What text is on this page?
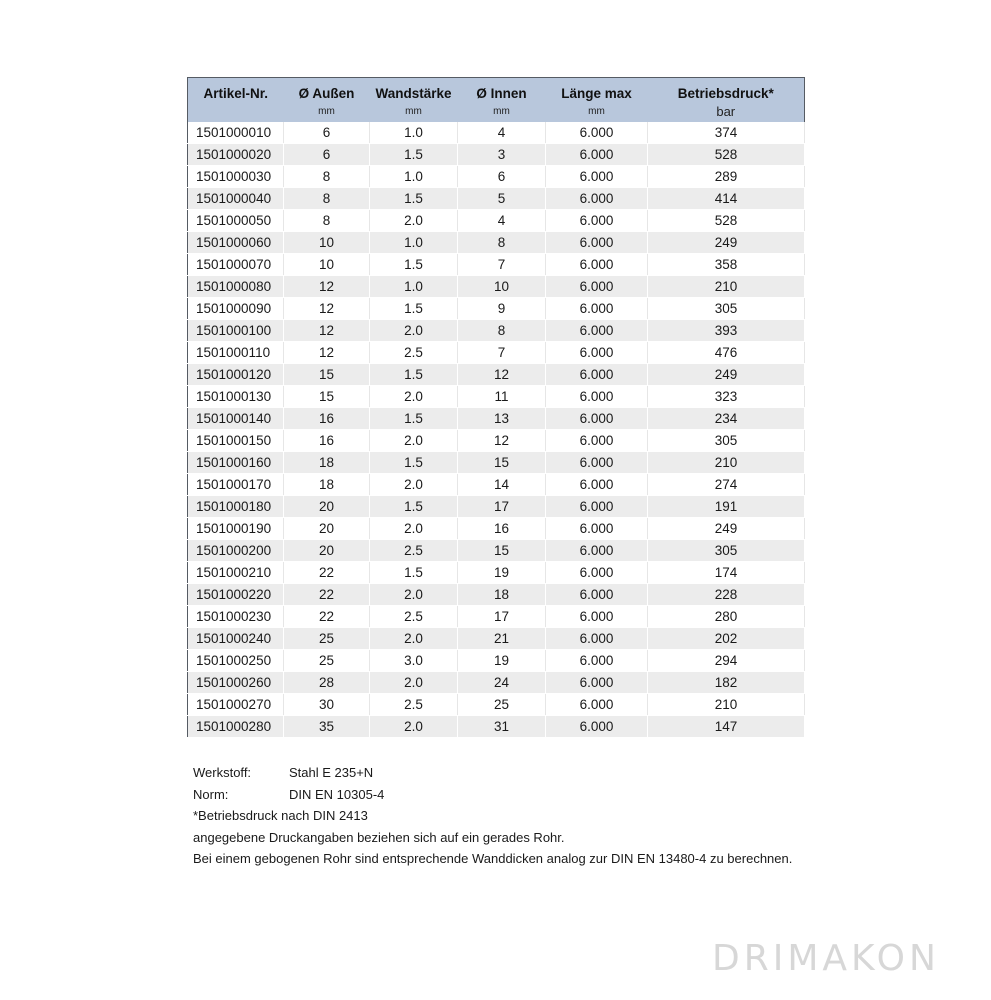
Artikel-Nr.	Ø Außen	Wandstärke	Ø Innen	Länge max	Betriebsdruck*
	mm	mm	mm	mm	bar
1501000010	6	1.0	4	6.000	374
1501000020	6	1.5	3	6.000	528
1501000030	8	1.0	6	6.000	289
1501000040	8	1.5	5	6.000	414
1501000050	8	2.0	4	6.000	528
1501000060	10	1.0	8	6.000	249
1501000070	10	1.5	7	6.000	358
1501000080	12	1.0	10	6.000	210
1501000090	12	1.5	9	6.000	305
1501000100	12	2.0	8	6.000	393
1501000110	12	2.5	7	6.000	476
1501000120	15	1.5	12	6.000	249
1501000130	15	2.0	11	6.000	323
1501000140	16	1.5	13	6.000	234
1501000150	16	2.0	12	6.000	305
1501000160	18	1.5	15	6.000	210
1501000170	18	2.0	14	6.000	274
1501000180	20	1.5	17	6.000	191
1501000190	20	2.0	16	6.000	249
1501000200	20	2.5	15	6.000	305
1501000210	22	1.5	19	6.000	174
1501000220	22	2.0	18	6.000	228
1501000230	22	2.5	17	6.000	280
1501000240	25	2.0	21	6.000	202
1501000250	25	3.0	19	6.000	294
1501000260	28	2.0	24	6.000	182
1501000270	30	2.5	25	6.000	210
1501000280	35	2.0	31	6.000	147
Werkstoff:	Stahl E 235+N
Norm:	DIN EN 10305-4
*Betriebsdruck nach DIN 2413
angegebene Druckangaben beziehen sich auf ein gerades Rohr.
Bei einem gebogenen Rohr sind entsprechende Wanddicken analog zur DIN EN 13480-4 zu berechnen.
DRIMAKON
